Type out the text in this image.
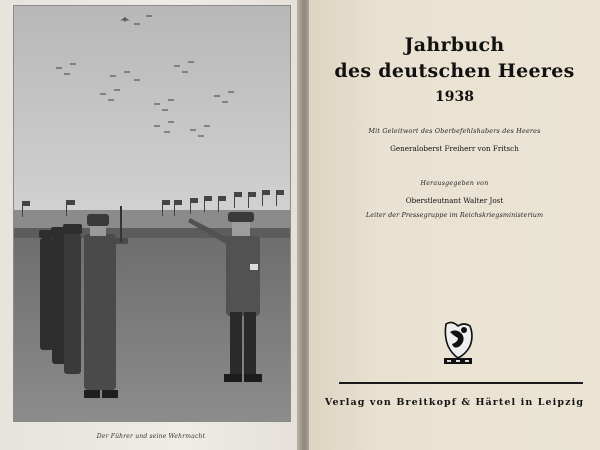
Der Führer und seine Wehrmacht
Jahrbuch
des deutschen Heeres
1938
Mit Geleitwort des Oberbefehlshabers des Heeres
Generaloberst Freiherr von Fritsch
Herausgegeben von
Oberstleutnant Walter Jost
Leiter der Pressegruppe im Reichskriegsministerium
Verlag von Breitkopf & Härtel in Leipzig
